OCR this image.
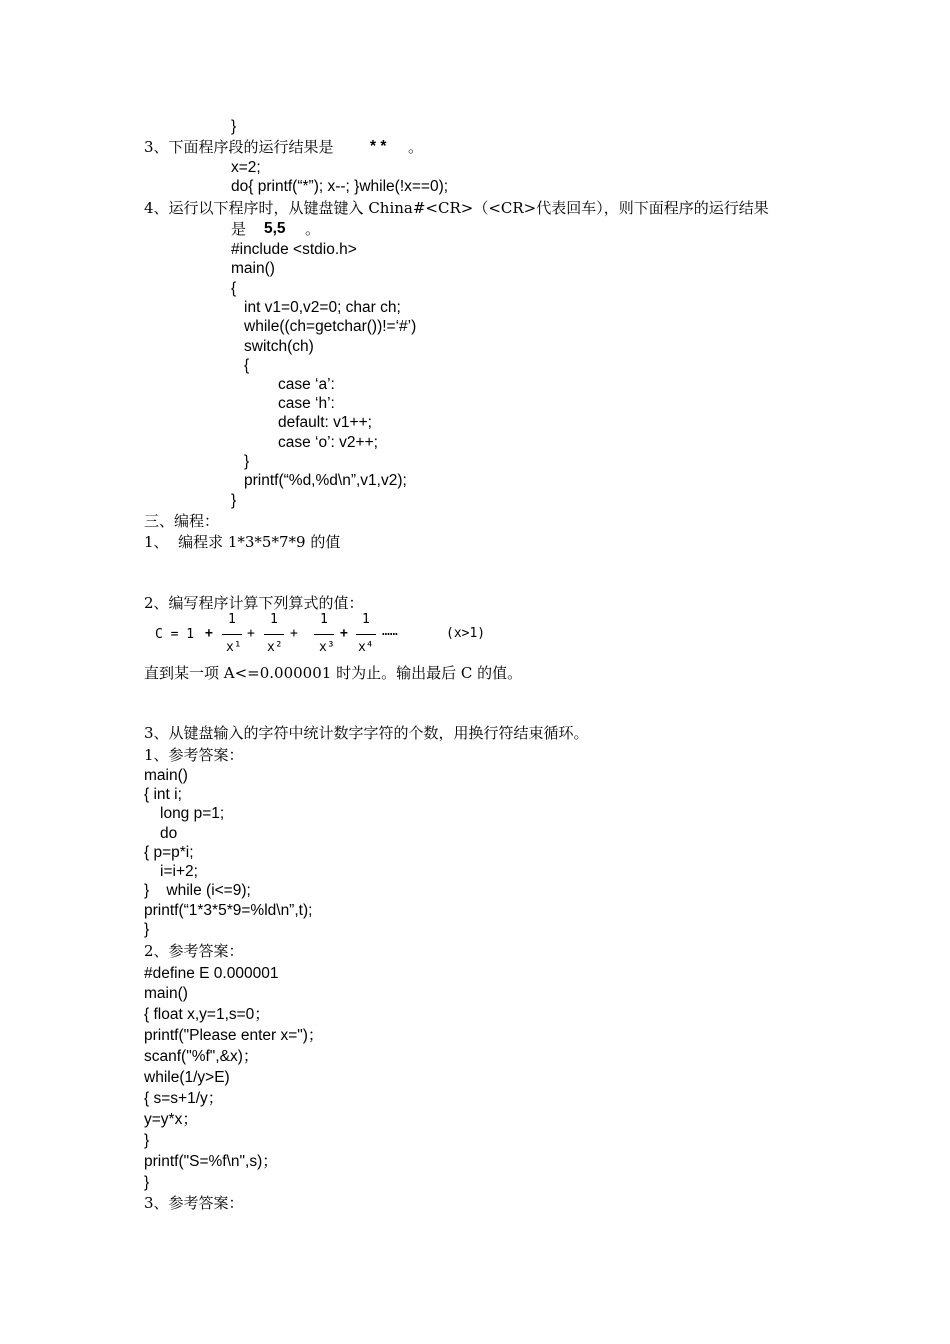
}
3、下面程序段的运行结果是 * * 。
x=2;
do{ printf(“*”); x--; }while(!x==0);
4、运行以下程序时，从键盘键入 China#<CR>（<CR>代表回车），则下面程序的运行结果
是 5,5 。
#include <stdio.h>
main()
{
int v1=0,v2=0; char ch;
while((ch=getchar())!=‘#’)
switch(ch)
{
case ‘a’:
case ‘h’:
default: v1++;
case ‘o’: v2++;
}
printf(“%d,%d\n”,v1,v2);
}
三、编程：
1、  编程求 1*3*5*7*9 的值
2、编写程序计算下列算式的值：
直到某一项 A<=0.000001 时为止。输出最后 C 的值。
3、从键盘输入的字符中统计数字字符的个数，用换行符结束循环。
1、参考答案：
main()
{ int i;
long p=1;
do
{ p=p*i;
i=i+2;
}    while (i<=9);
printf(“1*3*5*9=%ld\n”,t);
}
2、参考答案：
#define E 0.000001
main()
{ float x,y=1,s=0；
printf("Please enter x=")；
scanf("%f",&x)；
while(1/y>E)
{ s=s+1/y；
y=y*x；
}
printf("S=%f\n",s)；
}
3、参考答案：
C = 1 +
1
x¹
+
1
x²
+
1
x³
+
1
x⁴
……	(x>1)
